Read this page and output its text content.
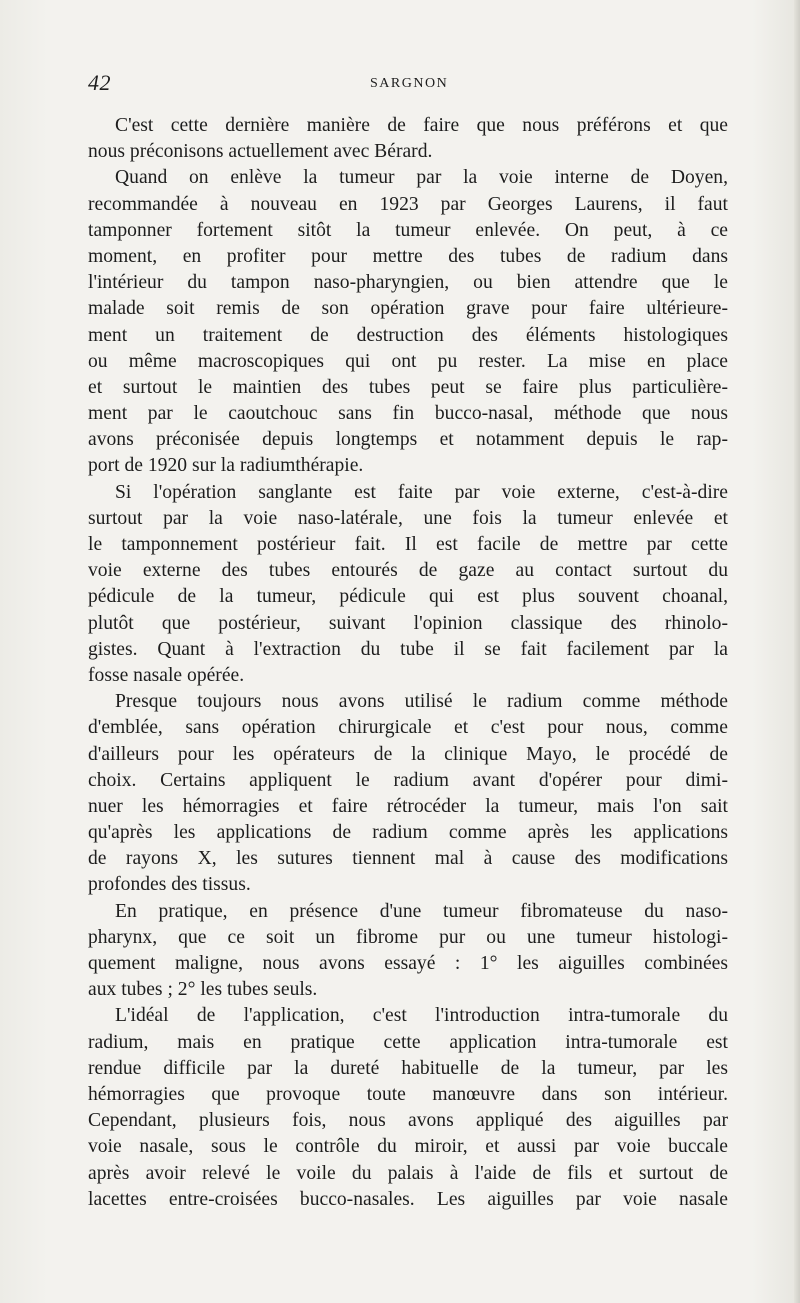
42	SARGNON
C'est cette dernière manière de faire que nous préférons et que
nous préconisons actuellement avec Bérard.
Quand on enlève la tumeur par la voie interne de Doyen,
recommandée à nouveau en 1923 par Georges Laurens, il faut
tamponner fortement sitôt la tumeur enlevée. On peut, à ce
moment, en profiter pour mettre des tubes de radium dans
l'intérieur du tampon naso-pharyngien, ou bien attendre que le
malade soit remis de son opération grave pour faire ultérieure-
ment un traitement de destruction des éléments histologiques
ou même macroscopiques qui ont pu rester. La mise en place
et surtout le maintien des tubes peut se faire plus particulière-
ment par le caoutchouc sans fin bucco-nasal, méthode que nous
avons préconisée depuis longtemps et notamment depuis le rap-
port de 1920 sur la radiumthérapie.
Si l'opération sanglante est faite par voie externe, c'est-à-dire
surtout par la voie naso-latérale, une fois la tumeur enlevée et
le tamponnement postérieur fait. Il est facile de mettre par cette
voie externe des tubes entourés de gaze au contact surtout du
pédicule de la tumeur, pédicule qui est plus souvent choanal,
plutôt que postérieur, suivant l'opinion classique des rhinolo-
gistes. Quant à l'extraction du tube il se fait facilement par la
fosse nasale opérée.
Presque toujours nous avons utilisé le radium comme méthode
d'emblée, sans opération chirurgicale et c'est pour nous, comme
d'ailleurs pour les opérateurs de la clinique Mayo, le procédé de
choix. Certains appliquent le radium avant d'opérer pour dimi-
nuer les hémorragies et faire rétrocéder la tumeur, mais l'on sait
qu'après les applications de radium comme après les applications
de rayons X, les sutures tiennent mal à cause des modifications
profondes des tissus.
En pratique, en présence d'une tumeur fibromateuse du naso-
pharynx, que ce soit un fibrome pur ou une tumeur histologi-
quement maligne, nous avons essayé : 1° les aiguilles combinées
aux tubes ; 2° les tubes seuls.
L'idéal de l'application, c'est l'introduction intra-tumorale du
radium, mais en pratique cette application intra-tumorale est
rendue difficile par la dureté habituelle de la tumeur, par les
hémorragies que provoque toute manœuvre dans son intérieur.
Cependant, plusieurs fois, nous avons appliqué des aiguilles par
voie nasale, sous le contrôle du miroir, et aussi par voie buccale
après avoir relevé le voile du palais à l'aide de fils et surtout de
lacettes entre-croisées bucco-nasales. Les aiguilles par voie nasale
